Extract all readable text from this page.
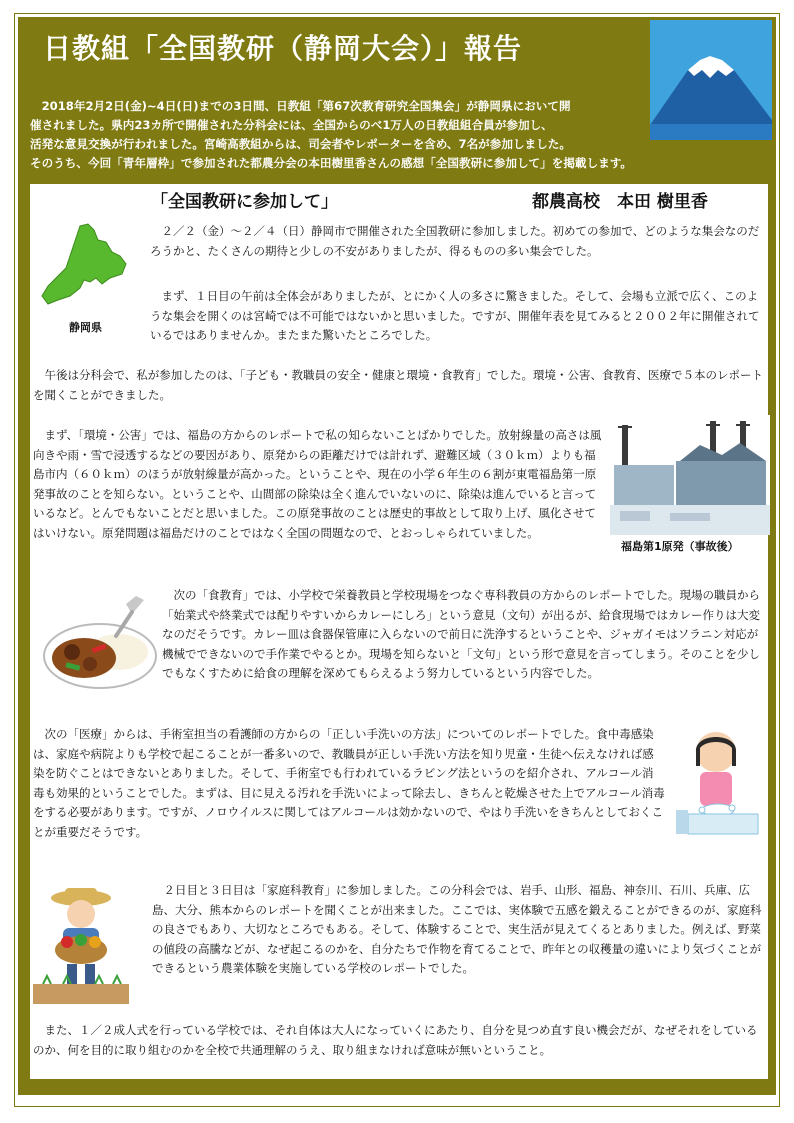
日教組「全国教研（静岡大会）」報告

　2018年2月2日(金)~4日(日)までの3日間、日教組「第67次教育研究全国集会」が静岡県において開

催されました。県内23カ所で開催された分科会には、全国からのべ1万人の日教組組合員が参加し、

活発な意見交換が行われました。宮崎高教組からは、司会者やレポーターを含め、7名が参加しました。

そのうち、今回「青年層枠」で参加された都農分会の本田樹里香さんの感想「全国教研に参加して」を掲載します。

「全国教研に参加して」	都農高校　本田 樹里香
静岡県

　２／２（金）～２／４（日）静岡市で開催された全国教研に参加しました。初めての参加で、どのような集会なのだろうかと、たくさんの期待と少しの不安がありましたが、得るものの多い集会でした。

　まず、１日目の午前は全体会がありましたが、とにかく人の多さに驚きました。そして、会場も立派で広く、このような集会を開くのは宮崎では不可能ではないかと思いました。ですが、開催年表を見てみると２００２年に開催されているではありませんか。またまた驚いたところでした。

　午後は分科会で、私が参加したのは、「子ども・教職員の安全・健康と環境・食教育」でした。環境・公害、食教育、医療で５本のレポートを聞くことができました。

福島第1原発（事故後）

　まず、「環境・公害」では、福島の方からのレポートで私の知らないことばかりでした。放射線量の高さは風向きや雨・雪で浸透するなどの要因があり、原発からの距離だけでは計れず、避難区域（３０ｋｍ）よりも福島市内（６０ｋｍ）のほうが放射線量が高かった。ということや、現在の小学６年生の６割が東電福島第一原発事故のことを知らない。ということや、山間部の除染は全く進んでいないのに、除染は進んでいると言っているなど。とんでもないことだと思いました。この原発事故のことは歴史的事故として取り上げ、風化させてはいけない。原発問題は福島だけのことではなく全国の問題なので、とおっしゃられていました。

　次の「食教育」では、小学校で栄養教員と学校現場をつなぐ専科教員の方からのレポートでした。現場の職員から「始業式や終業式では配りやすいからカレーにしろ」という意見（文句）が出るが、給食現場ではカレー作りは大変なのだそうです。カレー皿は食器保管庫に入らないので前日に洗浄するということや、ジャガイモはソラニン対応が機械でできないので手作業でやるとか。現場を知らないと「文句」という形で意見を言ってしまう。そのことを少しでもなくすために給食の理解を深めてもらえるよう努力しているという内容でした。

　次の「医療」からは、手術室担当の看護師の方からの「正しい手洗いの方法」についてのレポートでした。食中毒感染は、家庭や病院よりも学校で起こることが一番多いので、教職員が正しい手洗い方法を知り児童・生徒へ伝えなければ感染を防ぐことはできないとありました。そして、手術室でも行われているラビング法というのを紹介され、アルコール消毒も効果的ということでした。まずは、目に見える汚れを手洗いによって除去し、きちんと乾燥させた上でアルコール消毒をする必要があります。ですが、ノロウイルスに関してはアルコールは効かないので、やはり手洗いをきちんとしておくことが重要だそうです。

　２日目と３日目は「家庭科教育」に参加しました。この分科会では、岩手、山形、福島、神奈川、石川、兵庫、広島、大分、熊本からのレポートを聞くことが出来ました。ここでは、実体験で五感を鍛えることができるのが、家庭科の良さでもあり、大切なところでもある。そして、体験することで、実生活が見えてくるとありました。例えば、野菜の値段の高騰などが、なぜ起こるのかを、自分たちで作物を育てることで、昨年との収穫量の違いにより気づくことができるという農業体験を実施している学校のレポートでした。

　また、１／２成人式を行っている学校では、それ自体は大人になっていくにあたり、自分を見つめ直す良い機会だが、なぜそれをしているのか、何を目的に取り組むのかを全校で共通理解のうえ、取り組まなければ意味が無いということ。
